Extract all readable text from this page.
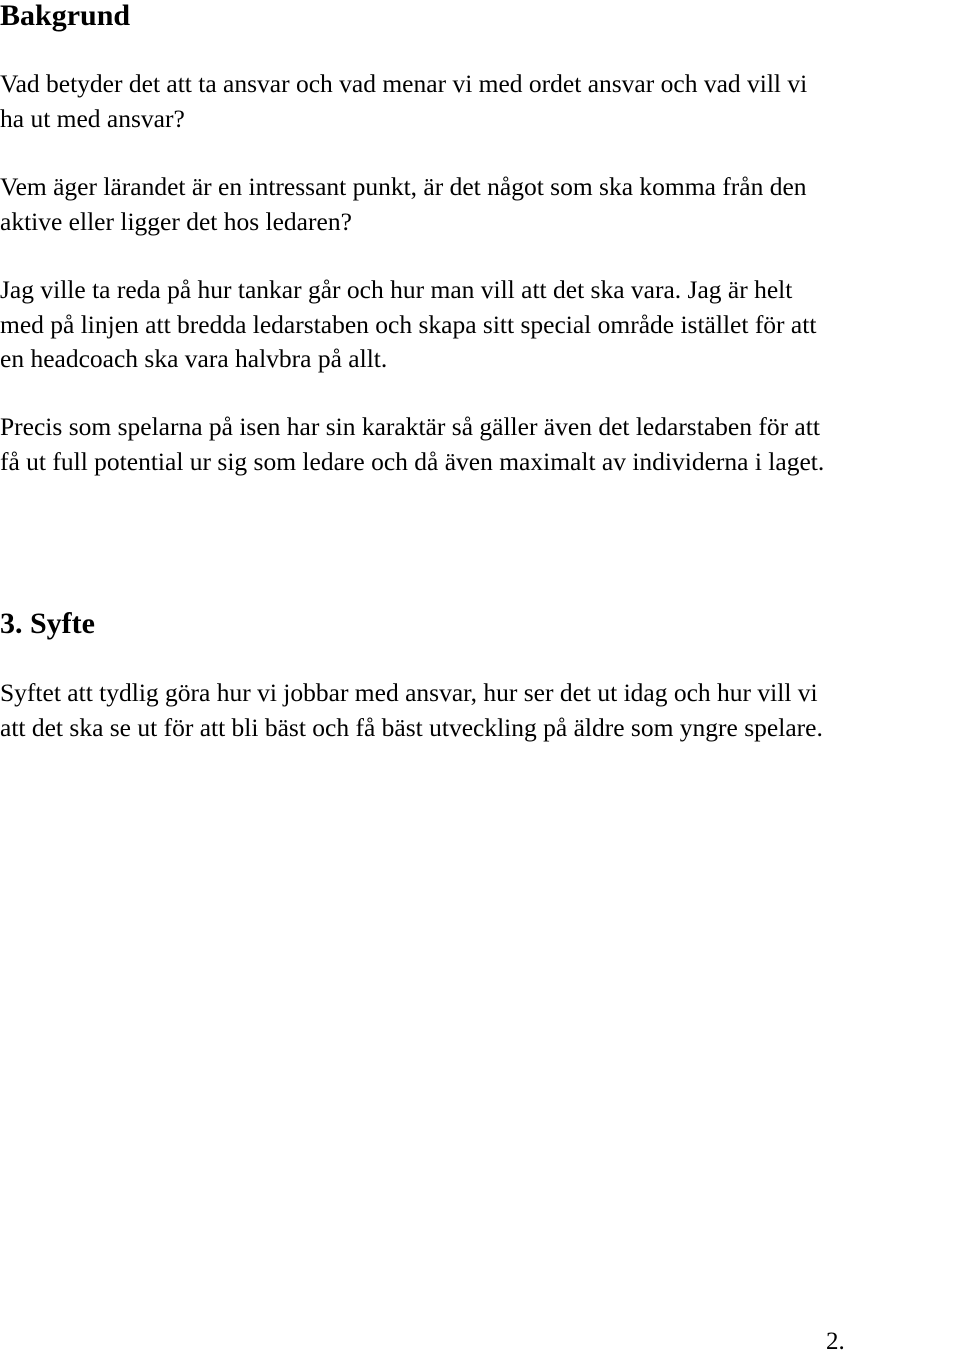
Bakgrund

Vad betyder det att ta ansvar och vad menar vi med ordet ansvar och vad vill vi
ha ut med ansvar?

Vem äger lärandet är en intressant punkt, är det något som ska komma från den
aktive eller ligger det hos ledaren?

Jag ville ta reda på hur tankar går och hur man vill att det ska vara. Jag är helt
med på linjen att bredda ledarstaben och skapa sitt special område istället för att
en headcoach ska vara halvbra på allt.

Precis som spelarna på isen har sin karaktär så gäller även det ledarstaben för att
få ut full potential ur sig som ledare och då även maximalt av individerna i laget.

3. Syfte

Syftet att tydlig göra hur vi jobbar med ansvar, hur ser det ut idag och hur vill vi
att det ska se ut för att bli bäst och få bäst utveckling på äldre som yngre spelare.

2.
